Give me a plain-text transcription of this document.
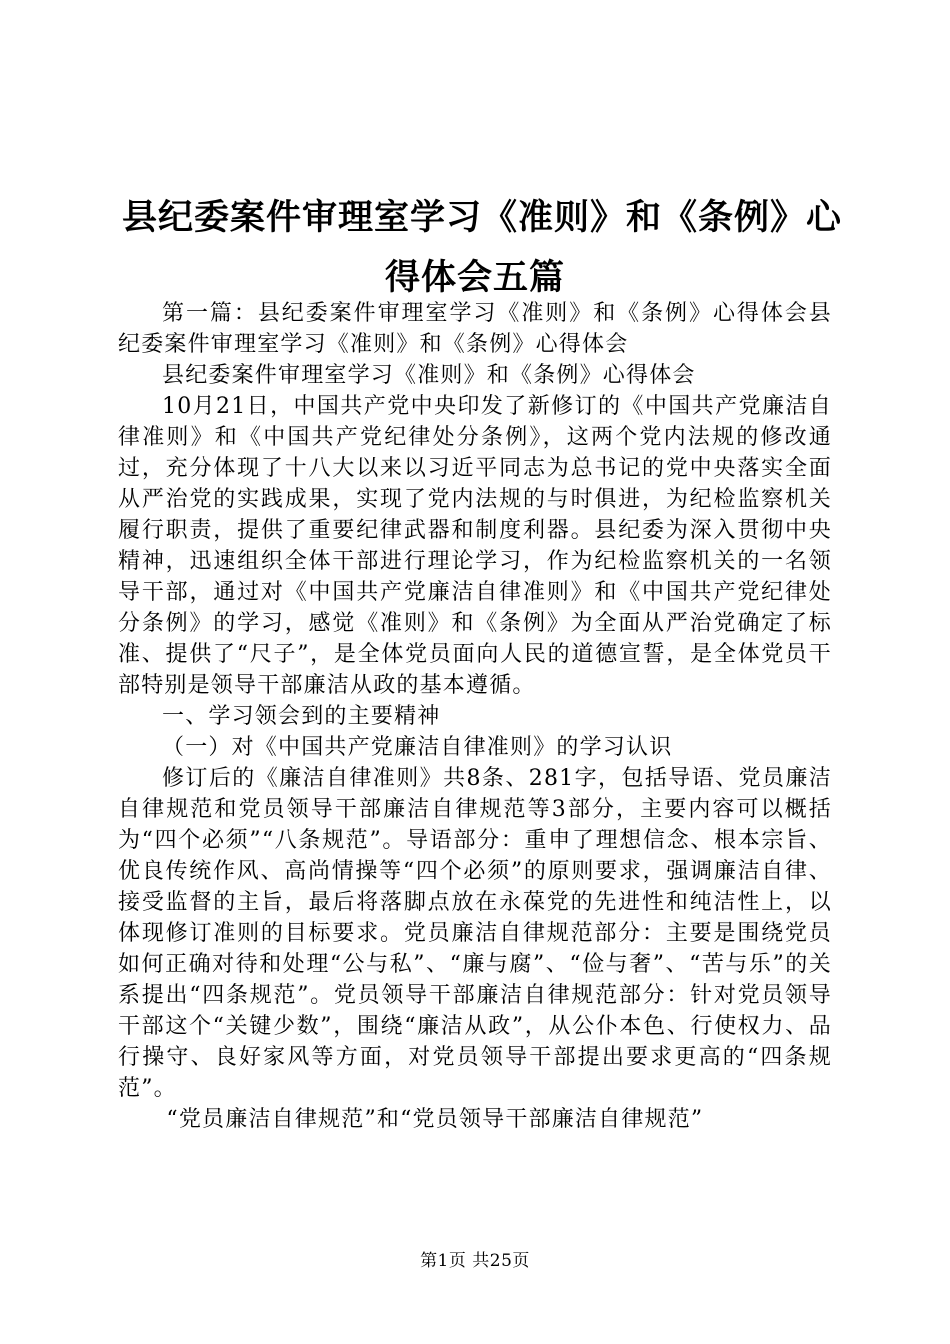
县纪委案件审理室学习《准则》和《条例》心
得体会五篇

第一篇：县纪委案件审理室学习《准则》和《条例》心得体会县纪委案件审理室学习《准则》和《条例》心得体会

县纪委案件审理室学习《准则》和《条例》心得体会

10月21日，中国共产党中央印发了新修订的《中国共产党廉洁自律准则》和《中国共产党纪律处分条例》，这两个党内法规的修改通过，充分体现了十八大以来以习近平同志为总书记的党中央落实全面从严治党的实践成果，实现了党内法规的与时俱进，为纪检监察机关履行职责，提供了重要纪律武器和制度利器。县纪委为深入贯彻中央精神，迅速组织全体干部进行理论学习，作为纪检监察机关的一名领导干部，通过对《中国共产党廉洁自律准则》和《中国共产党纪律处分条例》的学习，感觉《准则》和《条例》为全面从严治党确定了标准、提供了“尺子”，是全体党员面向人民的道德宣誓，是全体党员干部特别是领导干部廉洁从政的基本遵循。

一、学习领会到的主要精神

（一）对《中国共产党廉洁自律准则》的学习认识

修订后的《廉洁自律准则》共8条、281字，包括导语、党员廉洁自律规范和党员领导干部廉洁自律规范等3部分，主要内容可以概括为“四个必须”“八条规范”。导语部分：重申了理想信念、根本宗旨、优良传统作风、高尚情操等“四个必须”的原则要求，强调廉洁自律、接受监督的主旨，最后将落脚点放在永葆党的先进性和纯洁性上，以体现修订准则的目标要求。党员廉洁自律规范部分：主要是围绕党员如何正确对待和处理“公与私”、“廉与腐”、“俭与奢”、“苦与乐”的关系提出“四条规范”。党员领导干部廉洁自律规范部分：针对党员领导干部这个“关键少数”，围绕“廉洁从政”，从公仆本色、行使权力、品行操守、良好家风等方面，对党员领导干部提出要求更高的“四条规范”。

“党员廉洁自律规范”和“党员领导干部廉洁自律规范”

第1页 共25页
